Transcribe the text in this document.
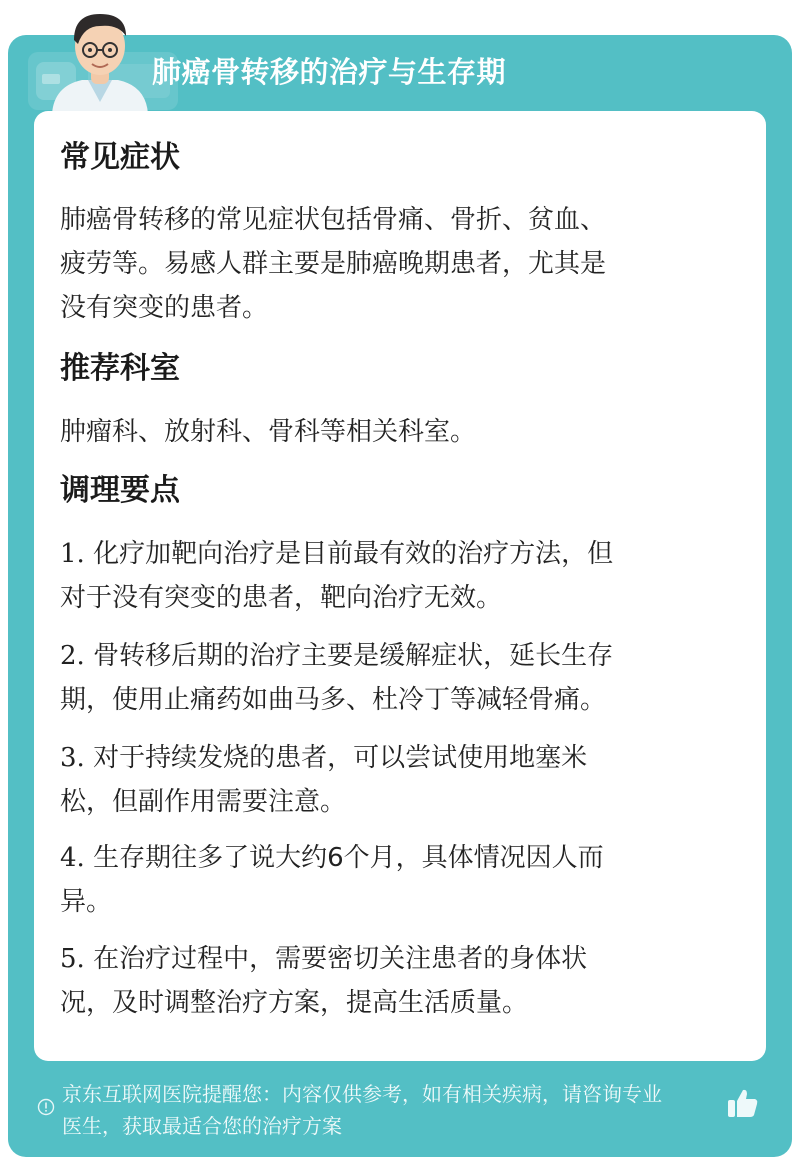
肺癌骨转移的治疗与生存期
常见症状
肺癌骨转移的常见症状包括骨痛、骨折、贫血、
疲劳等。易感人群主要是肺癌晚期患者，尤其是
没有突变的患者。
推荐科室
肿瘤科、放射科、骨科等相关科室。
调理要点
1. 化疗加靶向治疗是目前最有效的治疗方法，但
对于没有突变的患者，靶向治疗无效。
2. 骨转移后期的治疗主要是缓解症状，延长生存
期，使用止痛药如曲马多、杜冷丁等减轻骨痛。
3. 对于持续发烧的患者，可以尝试使用地塞米
松，但副作用需要注意。
4. 生存期往多了说大约6个月，具体情况因人而
异。
5. 在治疗过程中，需要密切关注患者的身体状
况，及时调整治疗方案，提高生活质量。
京东互联网医院提醒您：内容仅供参考，如有相关疾病，请咨询专业
医生，获取最适合您的治疗方案
